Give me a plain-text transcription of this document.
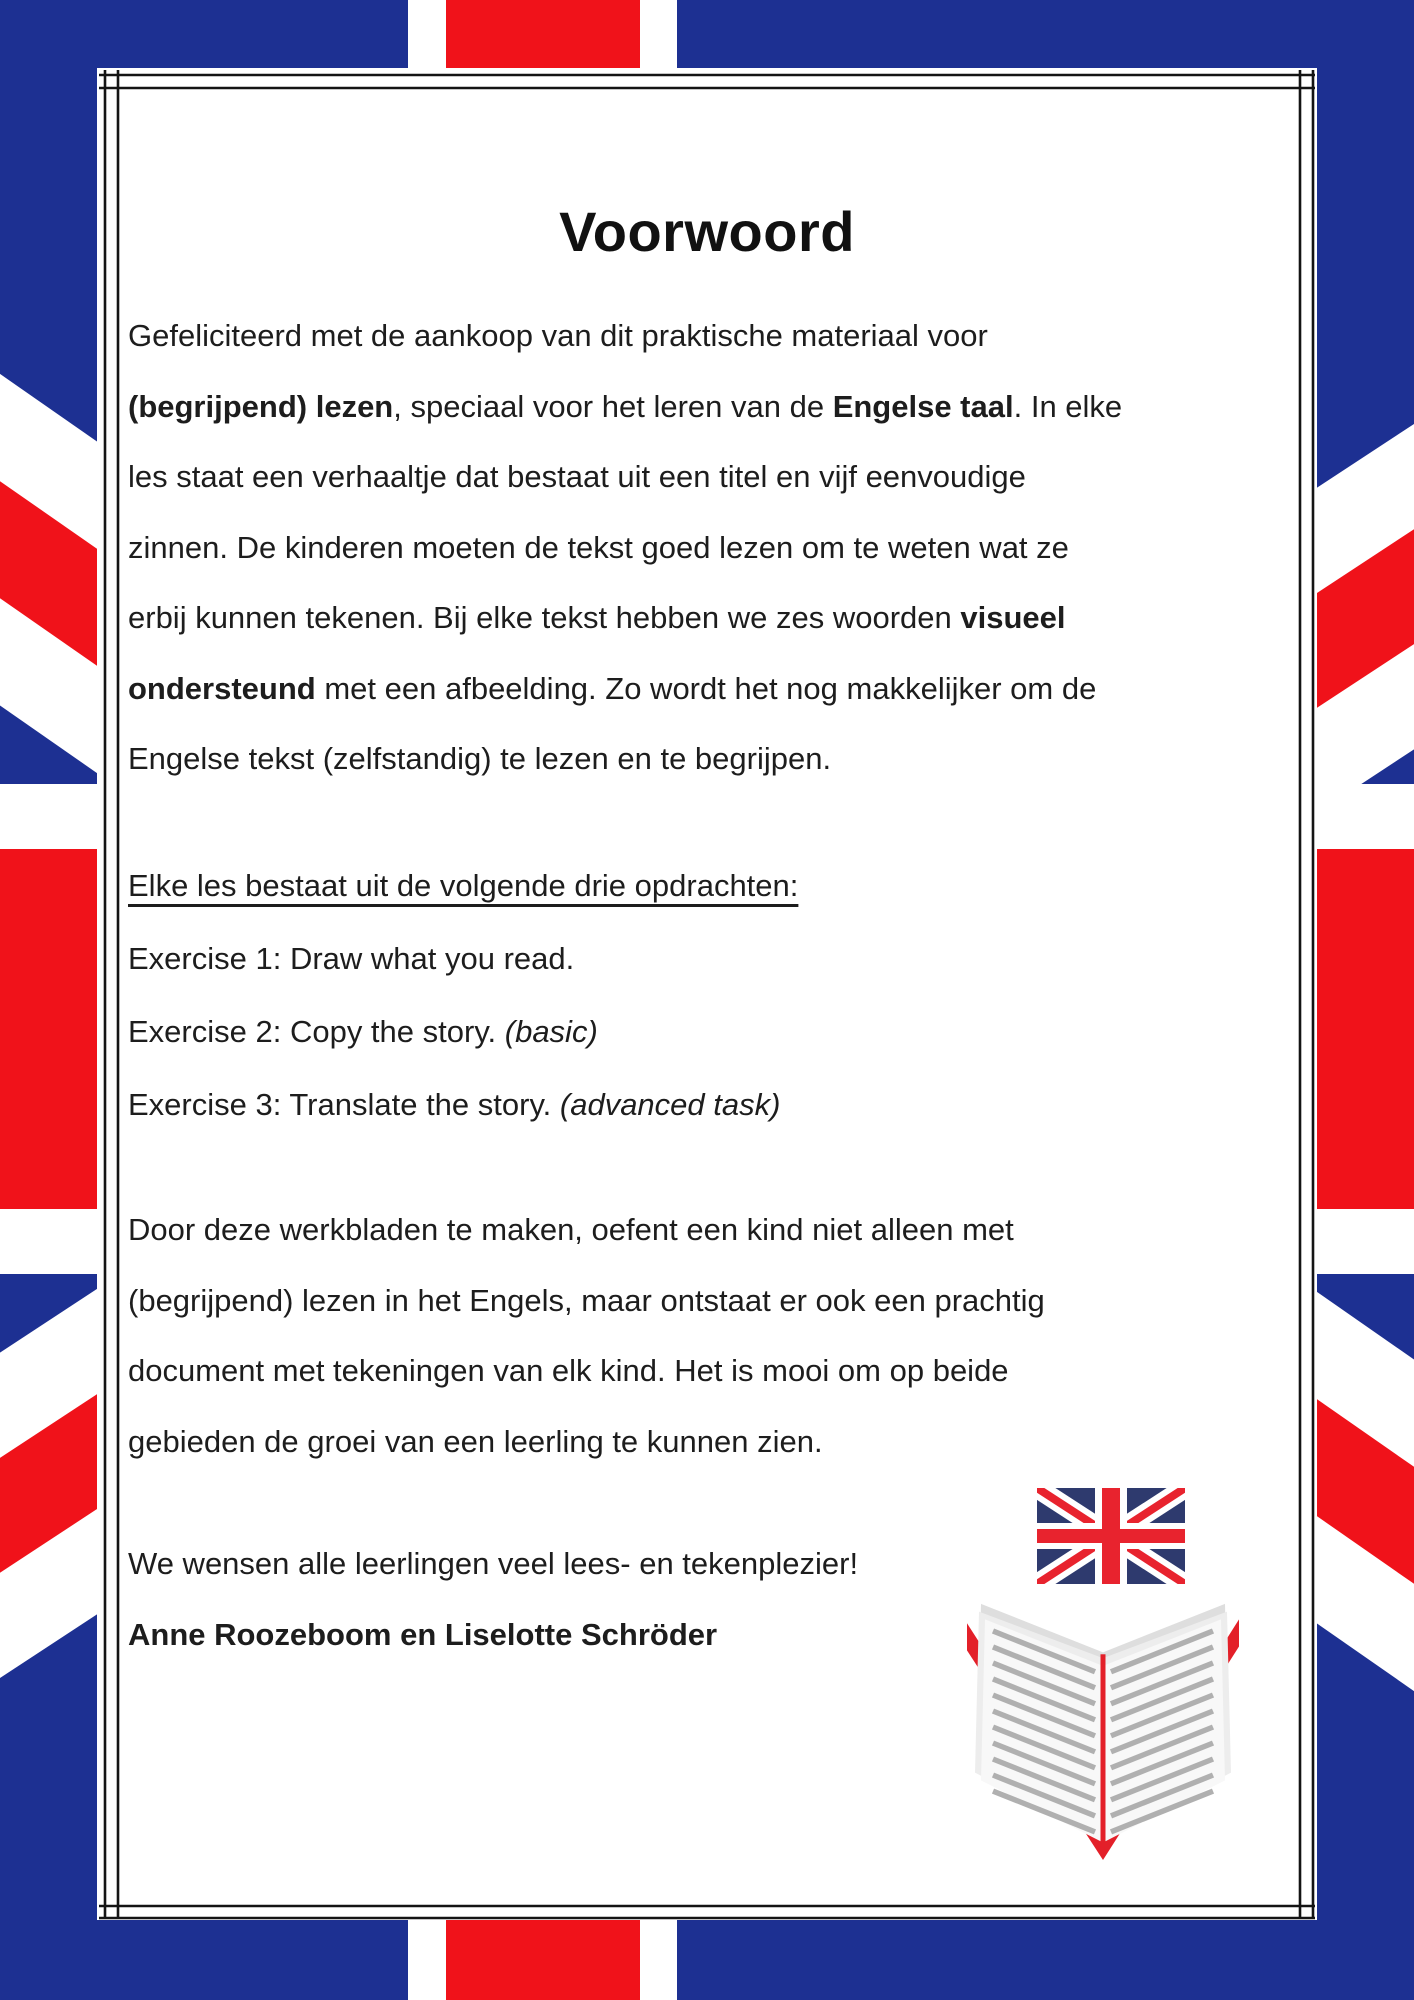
Voorwoord
Gefeliciteerd met de aankoop van dit praktische materiaal voor
(begrijpend) lezen, speciaal voor het leren van de Engelse taal. In elke
les staat een verhaaltje dat bestaat uit een titel en vijf eenvoudige
zinnen. De kinderen moeten de tekst goed lezen om te weten wat ze
erbij kunnen tekenen. Bij elke tekst hebben we zes woorden visueel
ondersteund met een afbeelding. Zo wordt het nog makkelijker om de
Engelse tekst (zelfstandig) te lezen en te begrijpen.
Elke les bestaat uit de volgende drie opdrachten:
Exercise 1: Draw what you read.
Exercise 2: Copy the story. (basic)
Exercise 3: Translate the story. (advanced task)
Door deze werkbladen te maken, oefent een kind niet alleen met
(begrijpend) lezen in het Engels, maar ontstaat er ook een prachtig
document met tekeningen van elk kind. Het is mooi om op beide
gebieden de groei van een leerling te kunnen zien.
We wensen alle leerlingen veel lees- en tekenplezier!
Anne Roozeboom en Liselotte Schröder
